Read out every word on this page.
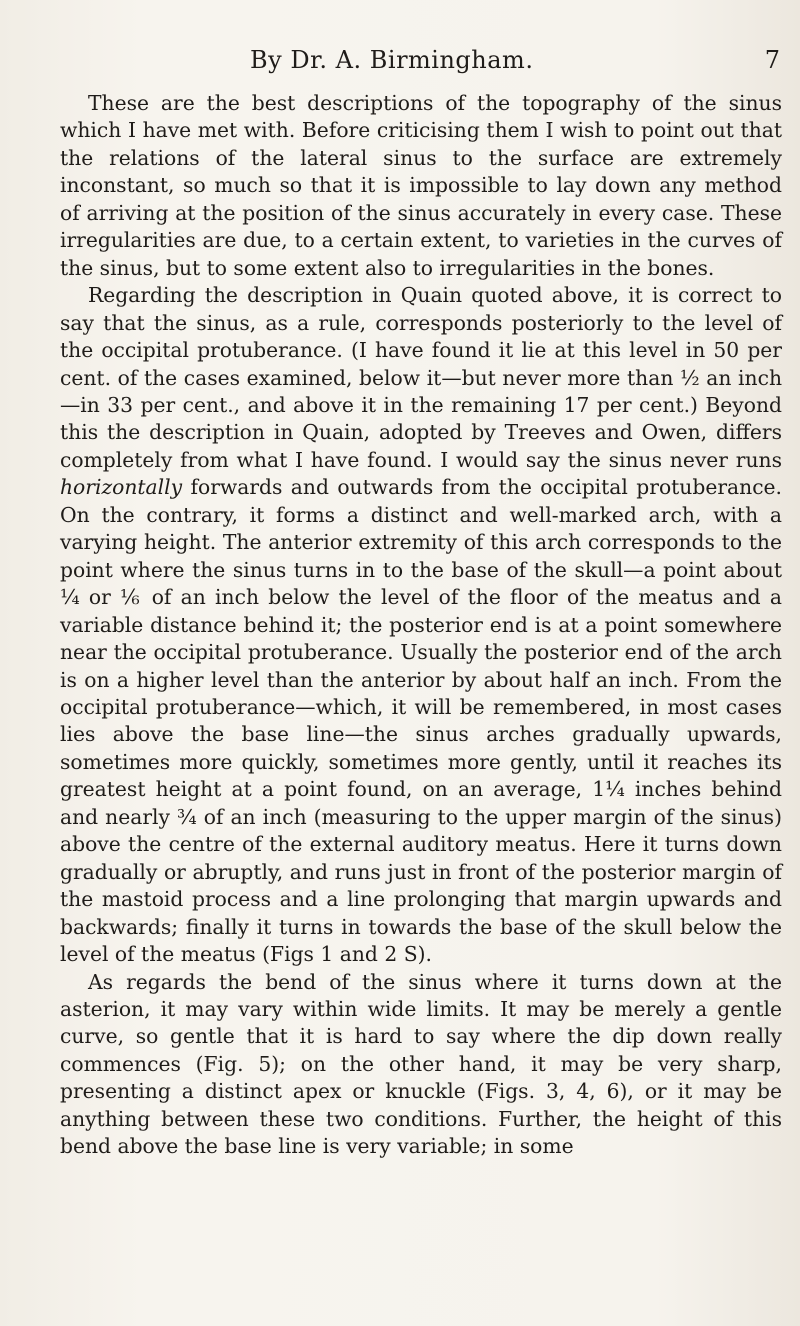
By Dr. A. Birmingham.	7

These are the best descriptions of the topography of the sinus which I have met with. Before criticising them I wish to point out that the relations of the lateral sinus to the surface are extremely inconstant, so much so that it is impossible to lay down any method of arriving at the position of the sinus accurately in every case. These irregularities are due, to a certain extent, to varieties in the curves of the sinus, but to some extent also to irregularities in the bones.

Regarding the description in Quain quoted above, it is correct to say that the sinus, as a rule, corresponds posteriorly to the level of the occipital protuberance. (I have found it lie at this level in 50 per cent. of the cases examined, below it—but never more than ½ an inch—in 33 per cent., and above it in the remaining 17 per cent.) Beyond this the description in Quain, adopted by Treeves and Owen, differs completely from what I have found. I would say the sinus never runs horizontally forwards and outwards from the occipital protuberance. On the contrary, it forms a distinct and well-marked arch, with a varying height. The anterior extremity of this arch corresponds to the point where the sinus turns in to the base of the skull—a point about ¼ or ⅙ of an inch below the level of the floor of the meatus and a variable distance behind it; the posterior end is at a point somewhere near the occipital protuberance. Usually the posterior end of the arch is on a higher level than the anterior by about half an inch. From the occipital protuberance—which, it will be remembered, in most cases lies above the base line—the sinus arches gradually upwards, sometimes more quickly, sometimes more gently, until it reaches its greatest height at a point found, on an average, 1¼ inches behind and nearly ¾ of an inch (measuring to the upper margin of the sinus) above the centre of the external auditory meatus. Here it turns down gradually or abruptly, and runs just in front of the posterior margin of the mastoid process and a line prolonging that margin upwards and backwards; finally it turns in towards the base of the skull below the level of the meatus (Figs 1 and 2 S).

As regards the bend of the sinus where it turns down at the asterion, it may vary within wide limits. It may be merely a gentle curve, so gentle that it is hard to say where the dip down really commences (Fig. 5); on the other hand, it may be very sharp, presenting a distinct apex or knuckle (Figs. 3, 4, 6), or it may be anything between these two conditions. Further, the height of this bend above the base line is very variable; in some
